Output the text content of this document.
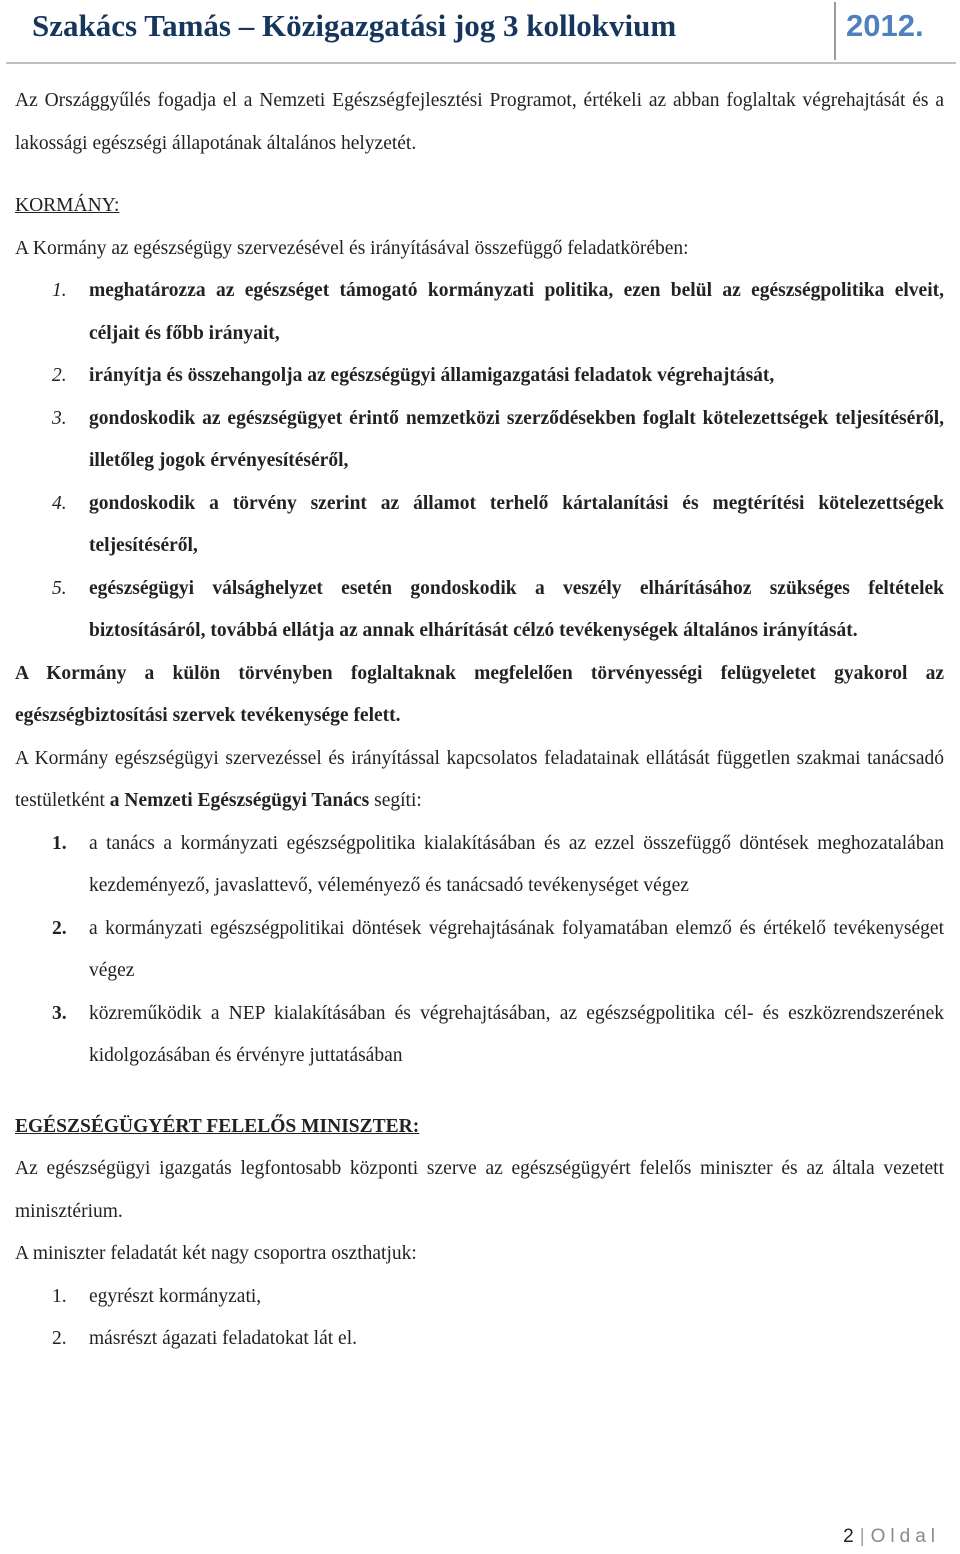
Szakács Tamás – Közigazgatási jog 3 kollokvium	2012.

Az Országgyűlés fogadja el a Nemzeti Egészségfejlesztési Programot, értékeli az abban foglaltak végrehajtását és a lakossági egészségi állapotának általános helyzetét.

KORMÁNY:

A Kormány az egészségügy szervezésével és irányításával összefüggő feladatkörében:

1. meghatározza az egészséget támogató kormányzati politika, ezen belül az egészségpolitika elveit, céljait és főbb irányait,

2. irányítja és összehangolja az egészségügyi államigazgatási feladatok végrehajtását,

3. gondoskodik az egészségügyet érintő nemzetközi szerződésekben foglalt kötelezettségek teljesítéséről, illetőleg jogok érvényesítéséről,

4. gondoskodik a törvény szerint az államot terhelő kártalanítási és megtérítési kötelezettségek teljesítéséről,

5. egészségügyi válsághelyzet esetén gondoskodik a veszély elhárításához szükséges feltételek biztosításáról, továbbá ellátja az annak elhárítását célzó tevékenységek általános irányítását.

A Kormány a külön törvényben foglaltaknak megfelelően törvényességi felügyeletet gyakorol az egészségbiztosítási szervek tevékenysége felett.

A Kormány egészségügyi szervezéssel és irányítással kapcsolatos feladatainak ellátását független szakmai tanácsadó testületként a Nemzeti Egészségügyi Tanács segíti:

1. a tanács a kormányzati egészségpolitika kialakításában és az ezzel összefüggő döntések meghozatalában kezdeményező, javaslattevő, véleményező és tanácsadó tevékenységet végez

2. a kormányzati egészségpolitikai döntések végrehajtásának folyamatában elemző és értékelő tevékenységet végez

3. közreműködik a NEP kialakításában és végrehajtásában, az egészségpolitika cél- és eszközrendszerének kidolgozásában és érvényre juttatásában

EGÉSZSÉGÜGYÉRT FELELŐS MINISZTER:

Az egészségügyi igazgatás legfontosabb központi szerve az egészségügyért felelős miniszter és az általa vezetett minisztérium.

A miniszter feladatát két nagy csoportra oszthatjuk:

1. egyrészt kormányzati,

2. másrészt ágazati feladatokat lát el.

2 | Oldal
